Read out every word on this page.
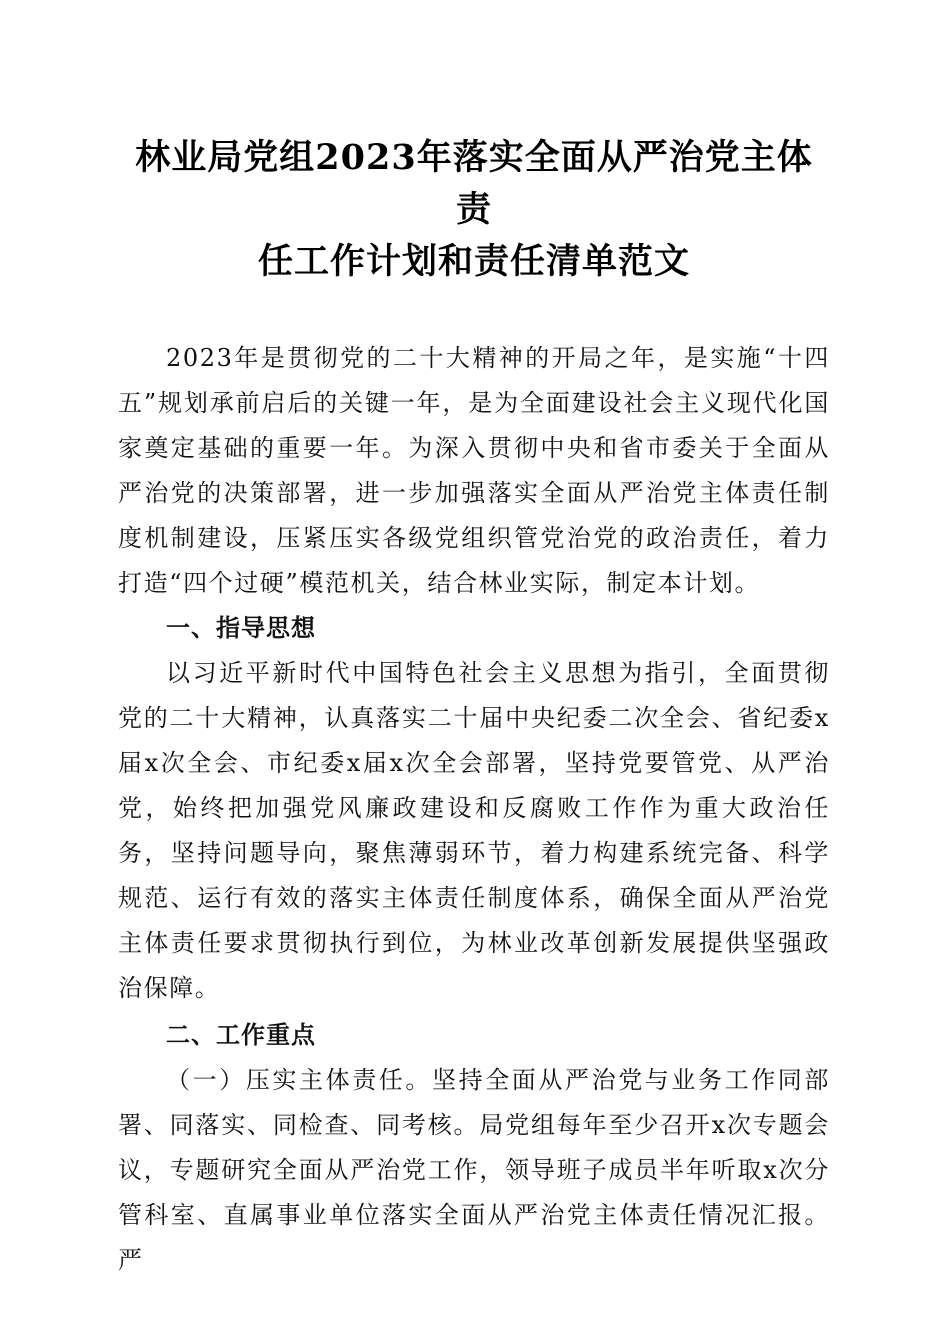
林业局党组2023年落实全面从严治党主体责
任工作计划和责任清单范文

2023年是贯彻党的二十大精神的开局之年，是实施“十四五”规划承前启后的关键一年，是为全面建设社会主义现代化国家奠定基础的重要一年。为深入贯彻中央和省市委关于全面从严治党的决策部署，进一步加强落实全面从严治党主体责任制度机制建设，压紧压实各级党组织管党治党的政治责任，着力打造“四个过硬”模范机关，结合林业实际，制定本计划。

一、指导思想

以习近平新时代中国特色社会主义思想为指引，全面贯彻党的二十大精神，认真落实二十届中央纪委二次全会、省纪委x届x次全会、市纪委x届x次全会部署，坚持党要管党、从严治党，始终把加强党风廉政建设和反腐败工作作为重大政治任务，坚持问题导向，聚焦薄弱环节，着力构建系统完备、科学规范、运行有效的落实主体责任制度体系，确保全面从严治党主体责任要求贯彻执行到位，为林业改革创新发展提供坚强政治保障。

二、工作重点

（一）压实主体责任。坚持全面从严治党与业务工作同部署、同落实、同检查、同考核。局党组每年至少召开x次专题会议，专题研究全面从严治党工作，领导班子成员半年听取x次分管科室、直属事业单位落实全面从严治党主体责任情况汇报。严
